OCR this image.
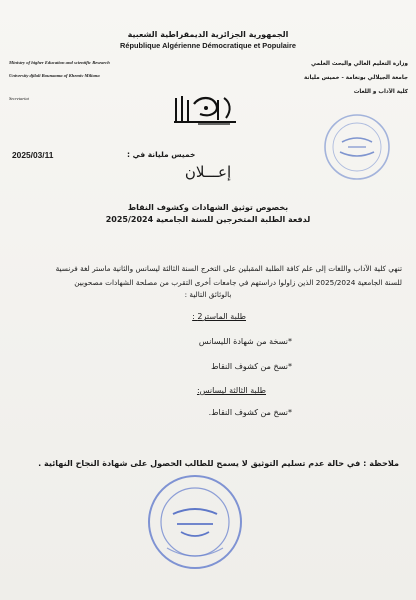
الجمهورية الجزائرية الديمقراطية الشعبية
République Algérienne Démocratique et Populaire
Ministry of higher Education and scientific Research
University djilali Bounaama of Khemis-Miliana
Secretariat
وزارة التعليم العالي والبحث العلمي
جامعة الجيلالي بونعامة - خميس مليانة
كلية الآداب و اللغات
خميس مليانة في :
2025/03/11
إعـــلان
بخصوص توثيق الشهادات وكشوف النقاط
لدفعة الطلبة المتخرجين للسنة الجامعية 2025/2024
تنهي كلية الآداب واللغات إلى علم كافة الطلبة المقبلين على التخرج السنة الثالثة ليسانس والثانية ماستر لغة فرنسية
للسنة الجامعية 2025/2024 الذين زاولوا دراستهم في جامعات أخرى التقرب من مصلحة الشهادات مصحوبين
بالوثائق التالية :
طلبة الماستر2 :
*نسخة من شهادة الليسانس
*نسخ من كشوف النقاط
طلبة الثالثة ليسانس:
*نسخ من كشوف النقاط.
ملاحظة : في حالة عدم تسليم التوثيق لا يسمح للطالب الحصول على شهادة النجاح النهائية .
